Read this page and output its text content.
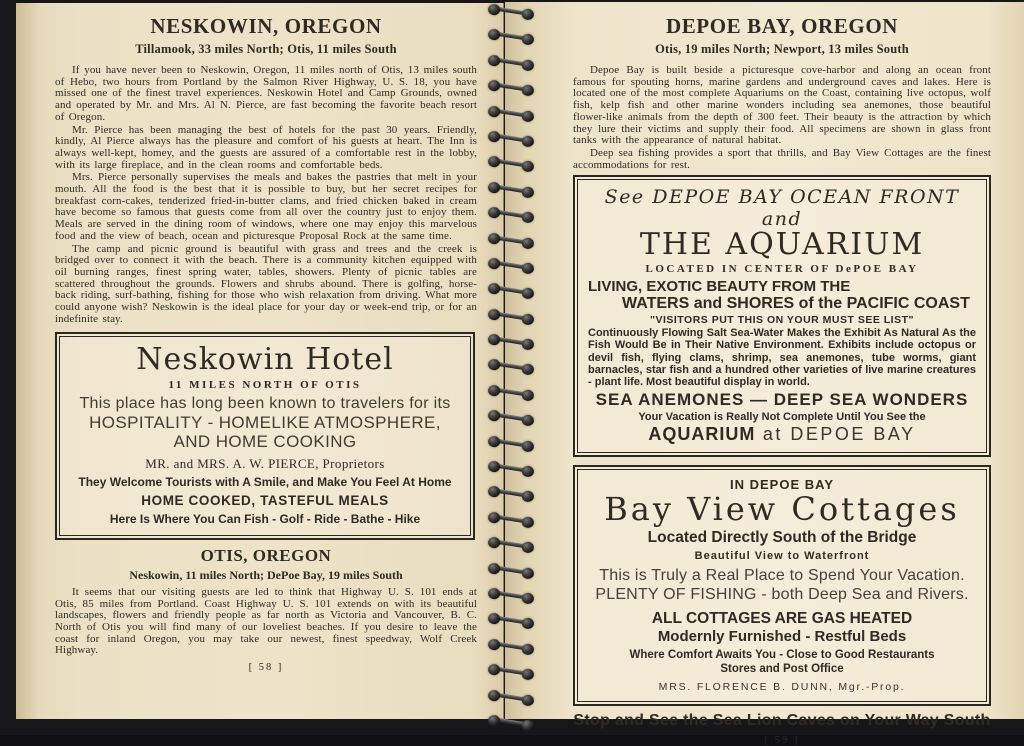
NESKOWIN, OREGON
Tillamook, 33 miles North; Otis, 11 miles South

If you have never been to Neskowin, Oregon, 11 miles north of Otis, 13 miles south of Hebo, two hours from Portland by the Salmon River Highway, U. S. 18, you have missed one of the finest travel experiences. Neskowin Hotel and Camp Grounds, owned and operated by Mr. and Mrs. Al N. Pierce, are fast becoming the favorite beach resort of Oregon.

Mr. Pierce has been managing the best of hotels for the past 30 years. Friendly, kindly, Al Pierce always has the pleasure and comfort of his guests at heart. The Inn is always well-kept, homey, and the guests are assured of a comfortable rest in the lobby, with its large fireplace, and in the clean rooms and comfortable beds.

Mrs. Pierce personally supervises the meals and bakes the pastries that melt in your mouth. All the food is the best that it is possible to buy, but her secret recipes for breakfast corn-cakes, tenderized fried-in-butter clams, and fried chicken baked in cream have become so famous that guests come from all over the country just to enjoy them. Meals are served in the dining room of windows, where one may enjoy this marvelous food and the view of beach, ocean and picturesque Proposal Rock at the same time.

The camp and picnic ground is beautiful with grass and trees and the creek is bridged over to connect it with the beach. There is a community kitchen equipped with oil burning ranges, finest spring water, tables, showers. Plenty of picnic tables are scattered throughout the grounds. Flowers and shrubs abound. There is golfing, horse-back riding, surf-bathing, fishing for those who wish relaxation from driving. What more could anyone wish? Neskowin is the ideal place for your day or week-end trip, or for an indefinite stay.

Neskowin Hotel
11 MILES NORTH OF OTIS
This place has long been known to travelers for its
HOSPITALITY - HOMELIKE ATMOSPHERE,
AND HOME COOKING
MR. and MRS. A. W. PIERCE, Proprietors
They Welcome Tourists with A Smile, and Make You Feel At Home
HOME COOKED, TASTEFUL MEALS
Here Is Where You Can Fish - Golf - Ride - Bathe - Hike
OTIS, OREGON
Neskowin, 11 miles North; DePoe Bay, 19 miles South

It seems that our visiting guests are led to think that Highway U. S. 101 ends at Otis, 85 miles from Portland. Coast Highway U. S. 101 extends on with its beautiful landscapes, flowers and friendly people as far north as Victoria and Vancouver, B. C. North of Otis you will find many of our loveliest beaches. If you desire to leave the coast for inland Oregon, you may take our newest, finest speedway, Wolf Creek Highway.

[ 58 ]
DEPOE BAY, OREGON
Otis, 19 miles North; Newport, 13 miles South

Depoe Bay is built beside a picturesque cove-harbor and along an ocean front famous for spouting horns, marine gardens and underground caves and lakes. Here is located one of the most complete Aquariums on the Coast, containing live octopus, wolf fish, kelp fish and other marine wonders including sea anemones, those beautiful flower-like animals from the depth of 300 feet. Their beauty is the attraction by which they lure their victims and supply their food. All specimens are shown in glass front tanks with the appearance of natural habitat.

Deep sea fishing provides a sport that thrills, and Bay View Cottages are the finest accommodations for rest.

See DEPOE BAY OCEAN FRONT and
THE AQUARIUM
LOCATED IN CENTER OF DePOE BAY
LIVING, EXOTIC BEAUTY FROM THE
WATERS and SHORES of the PACIFIC COAST
"VISITORS PUT THIS ON YOUR MUST SEE LIST"
Continuously Flowing Salt Sea-Water Makes the Exhibit As Natural As the Fish Would Be in Their Native Environment. Exhibits include octopus or devil fish, flying clams, shrimp, sea anemones, tube worms, giant barnacles, star fish and a hundred other varieties of live marine creatures - plant life. Most beautiful display in world.
SEA ANEMONES — DEEP SEA WONDERS
Your Vacation is Really Not Complete Until You See the
AQUARIUM at DEPOE BAY
IN DEPOE BAY
Bay View Cottages
Located Directly South of the Bridge
Beautiful View to Waterfront
This is Truly a Real Place to Spend Your Vacation.
PLENTY OF FISHING - both Deep Sea and Rivers.
ALL COTTAGES ARE GAS HEATED
Modernly Furnished - Restful Beds
Where Comfort Awaits You - Close to Good Restaurants
Stores and Post Office
MRS. FLORENCE B. DUNN, Mgr.-Prop.
Stop and See the Sea Lion Caves on Your Way South
[ 59 ]
